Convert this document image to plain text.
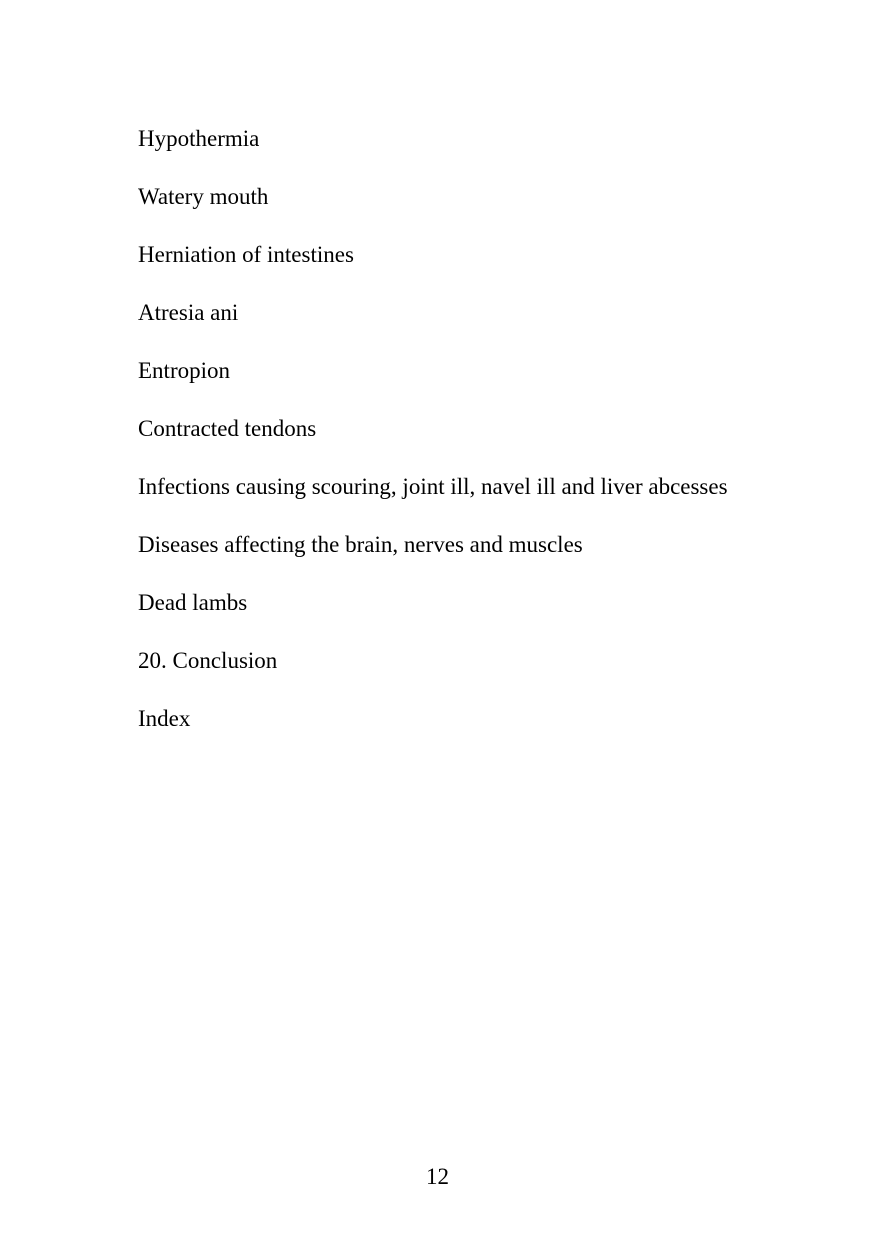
Hypothermia
Watery mouth
Herniation of intestines
Atresia ani
Entropion
Contracted tendons
Infections causing scouring, joint ill, navel ill and liver abcesses
Diseases affecting the brain, nerves and muscles
Dead lambs
20. Conclusion
Index
12
